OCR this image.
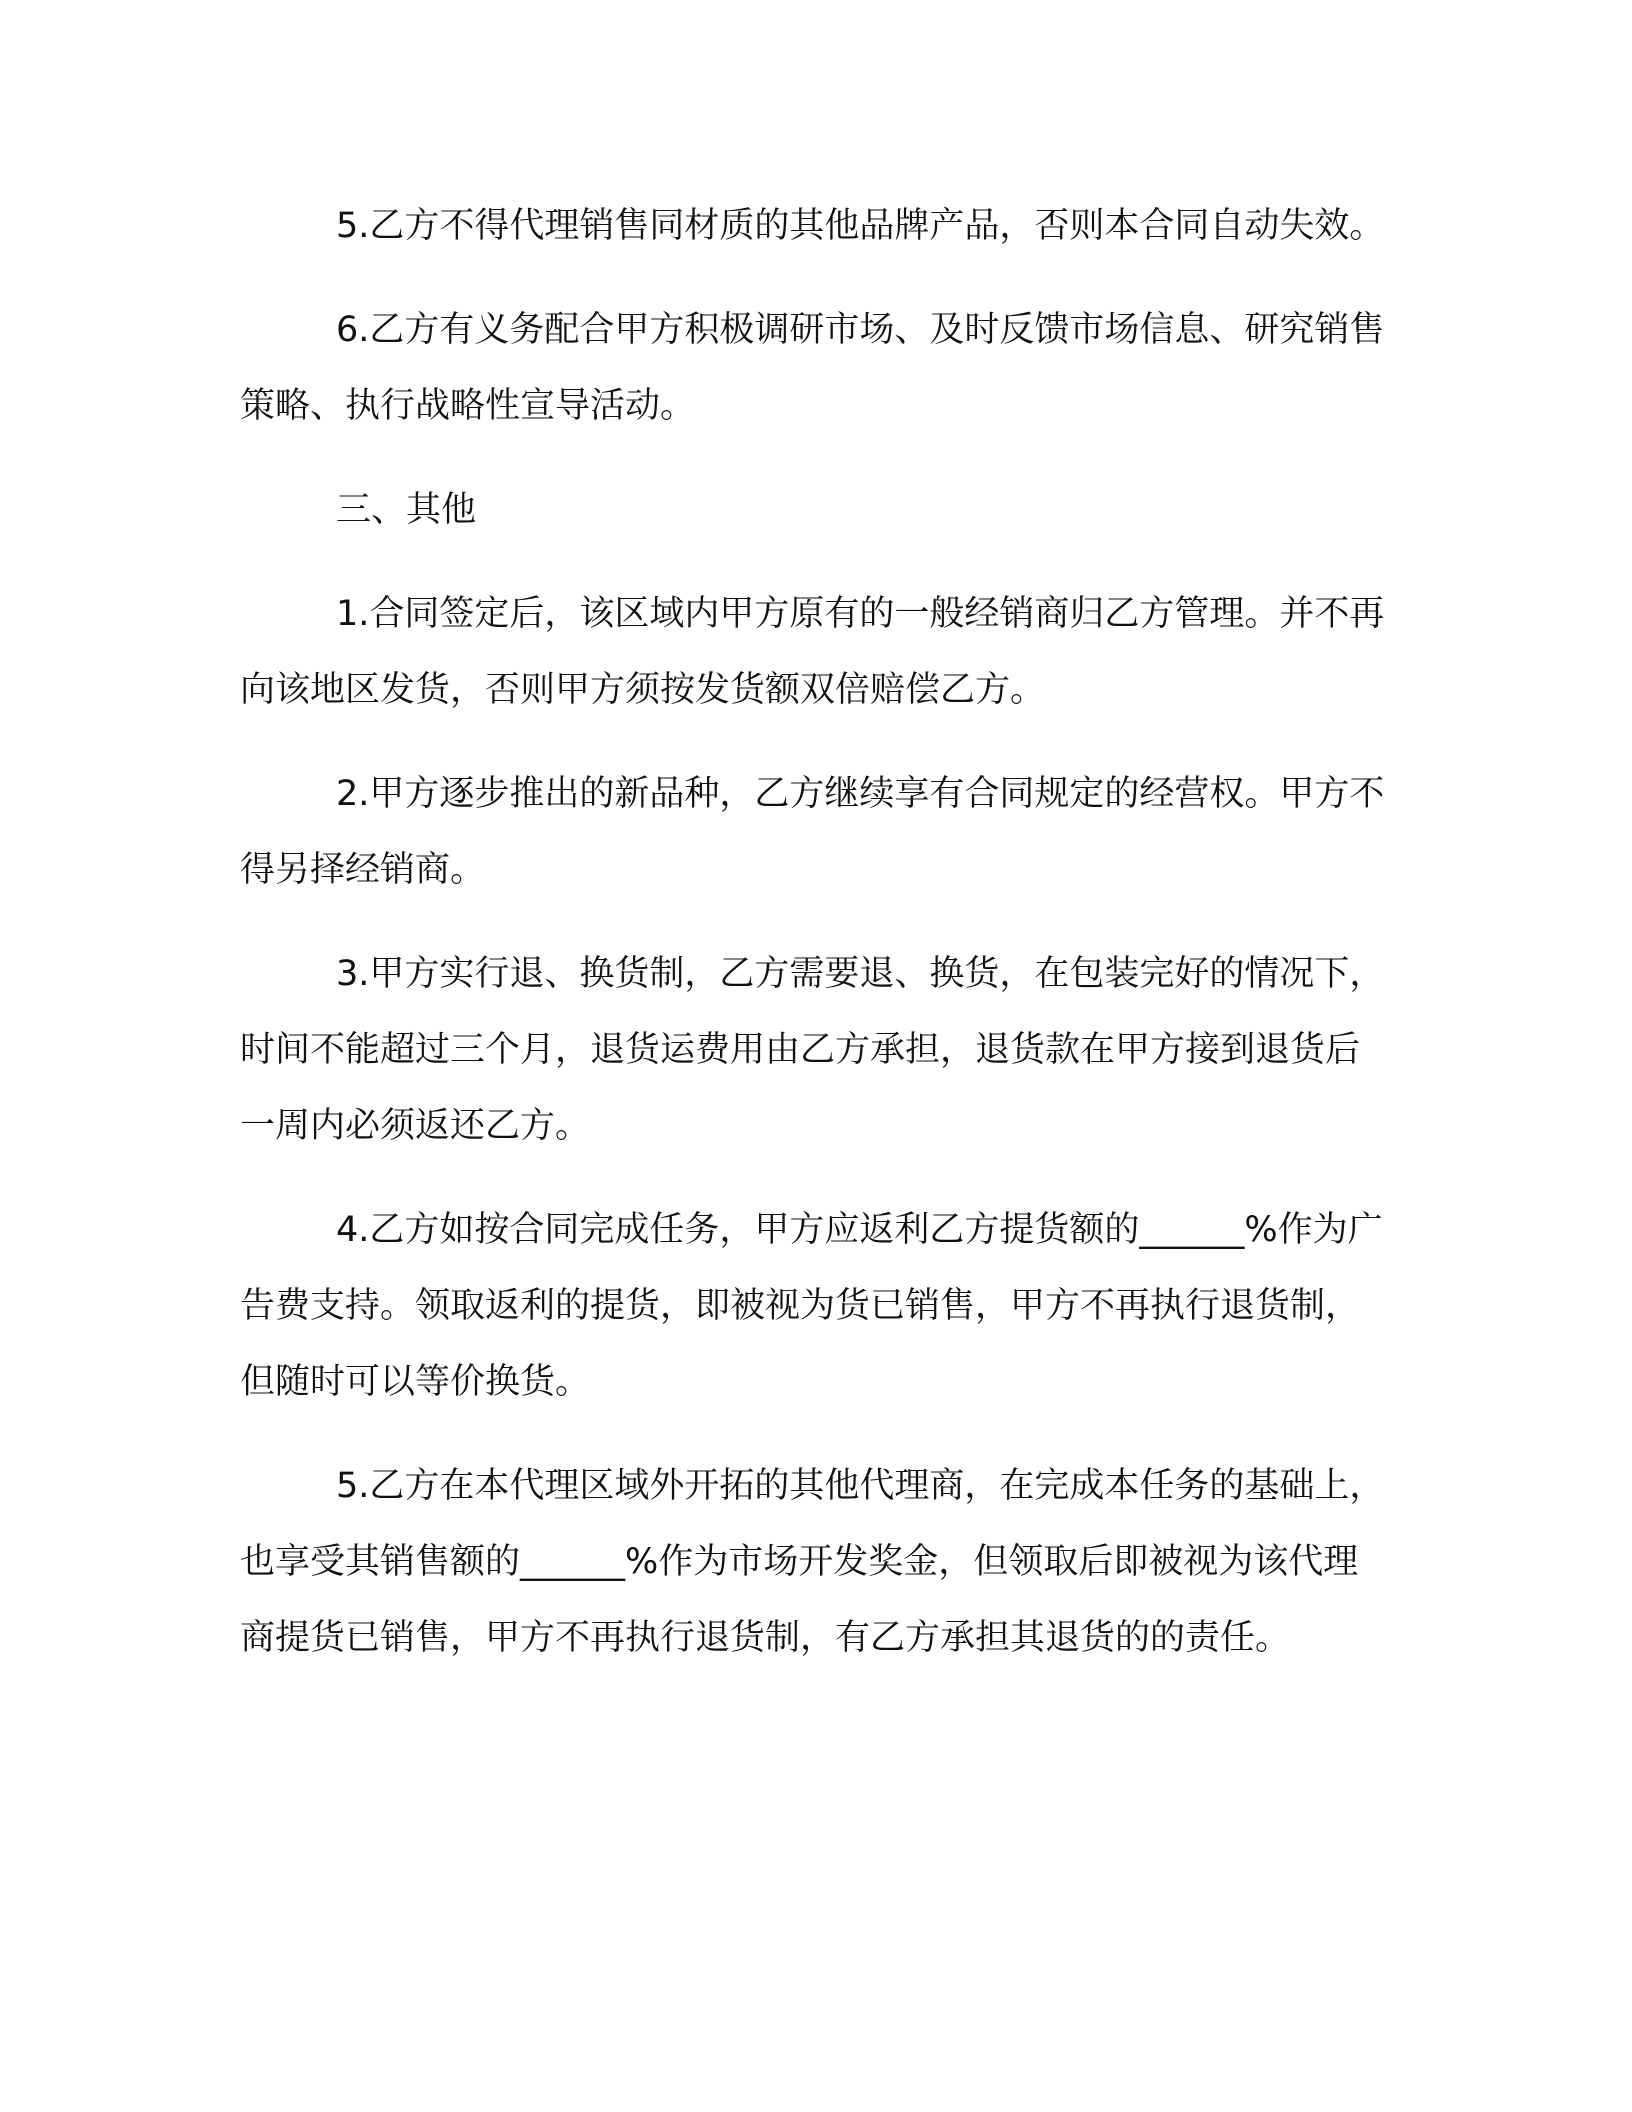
5.乙方不得代理销售同材质的其他品牌产品，否则本合同自动失效。

6.乙方有义务配合甲方积极调研市场、及时反馈市场信息、研究销售策略、执行战略性宣导活动。

三、其他

1.合同签定后，该区域内甲方原有的一般经销商归乙方管理。并不再向该地区发货，否则甲方须按发货额双倍赔偿乙方。

2.甲方逐步推出的新品种，乙方继续享有合同规定的经营权。甲方不得另择经销商。

3.甲方实行退、换货制，乙方需要退、换货，在包装完好的情况下，时间不能超过三个月，退货运费用由乙方承担，退货款在甲方接到退货后一周内必须返还乙方。

4.乙方如按合同完成任务，甲方应返利乙方提货额的______%作为广告费支持。领取返利的提货，即被视为货已销售，甲方不再执行退货制，但随时可以等价换货。

5.乙方在本代理区域外开拓的其他代理商，在完成本任务的基础上，也享受其销售额的______%作为市场开发奖金，但领取后即被视为该代理商提货已销售，甲方不再执行退货制，有乙方承担其退货的的责任。
